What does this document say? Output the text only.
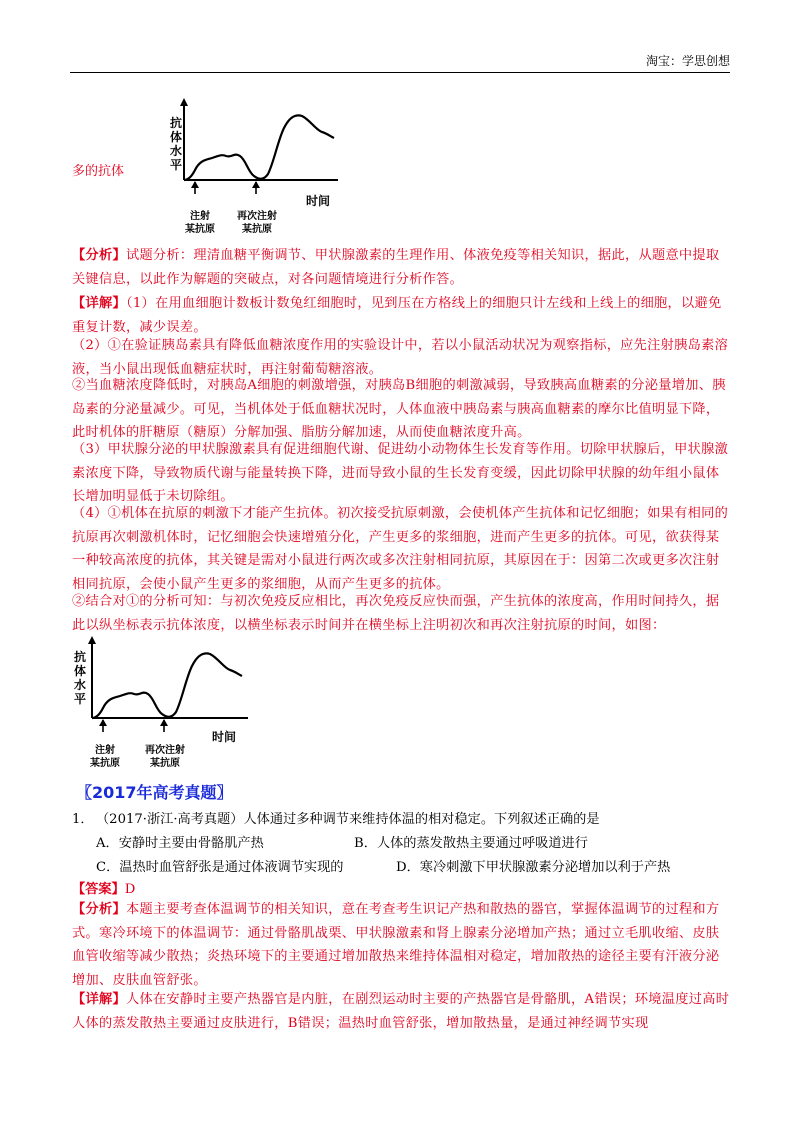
淘宝：学思创想
多的抗体
抗
体
水
平
时间
注射
某抗原
再次注射
某抗原
【分析】试题分析：理清血糖平衡调节、甲状腺激素的生理作用、体液免疫等相关知识，据此，从题意中提取关键信息，以此作为解题的突破点，对各问题情境进行分析作答。
【详解】（1）在用血细胞计数板计数兔红细胞时，见到压在方格线上的细胞只计左线和上线上的细胞，以避免重复计数，减少误差。
（2）①在验证胰岛素具有降低血糖浓度作用的实验设计中，若以小鼠活动状况为观察指标，应先注射胰岛素溶液，当小鼠出现低血糖症状时，再注射葡萄糖溶液。
②当血糖浓度降低时，对胰岛A细胞的刺激增强，对胰岛B细胞的刺激减弱，导致胰高血糖素的分泌量增加、胰岛素的分泌量减少。可见，当机体处于低血糖状况时，人体血液中胰岛素与胰高血糖素的摩尔比值明显下降，此时机体的肝糖原（糖原）分解加强、脂肪分解加速，从而使血糖浓度升高。
（3）甲状腺分泌的甲状腺激素具有促进细胞代谢、促进幼小动物体生长发育等作用。切除甲状腺后，甲状腺激素浓度下降，导致物质代谢与能量转换下降，进而导致小鼠的生长发育变缓，因此切除甲状腺的幼年组小鼠体长增加明显低于未切除组。
（4）①机体在抗原的刺激下才能产生抗体。初次接受抗原刺激，会使机体产生抗体和记忆细胞；如果有相同的抗原再次刺激机体时，记忆细胞会快速增殖分化，产生更多的浆细胞，进而产生更多的抗体。可见，欲获得某一种较高浓度的抗体，其关键是需对小鼠进行两次或多次注射相同抗原，其原因在于：因第二次或更多次注射相同抗原，会使小鼠产生更多的浆细胞，从而产生更多的抗体。
②结合对①的分析可知：与初次免疫反应相比，再次免疫反应快而强，产生抗体的浓度高，作用时间持久，据此以纵坐标表示抗体浓度，以横坐标表示时间并在横坐标上注明初次和再次注射抗原的时间，如图：
抗
体
水
平
时间
注射
某抗原
再次注射
某抗原
〖2017年高考真题〗
1． （2017·浙江·高考真题）人体通过多种调节来维持体温的相对稳定。下列叙述正确的是
A．安静时主要由骨骼肌产热	B．人体的蒸发散热主要通过呼吸道进行
C．温热时血管舒张是通过体液调节实现的	D．寒冷刺激下甲状腺激素分泌增加以利于产热
【答案】D
【分析】本题主要考查体温调节的相关知识，意在考查考生识记产热和散热的器官，掌握体温调节的过程和方式。寒冷环境下的体温调节：通过骨骼肌战栗、甲状腺激素和肾上腺素分泌增加产热；通过立毛肌收缩、皮肤血管收缩等减少散热；炎热环境下的主要通过增加散热来维持体温相对稳定，增加散热的途径主要有汗液分泌增加、皮肤血管舒张。
【详解】人体在安静时主要产热器官是内脏，在剧烈运动时主要的产热器官是骨骼肌，A错误；环境温度过高时人体的蒸发散热主要通过皮肤进行，B错误；温热时血管舒张，增加散热量，是通过神经调节实现
